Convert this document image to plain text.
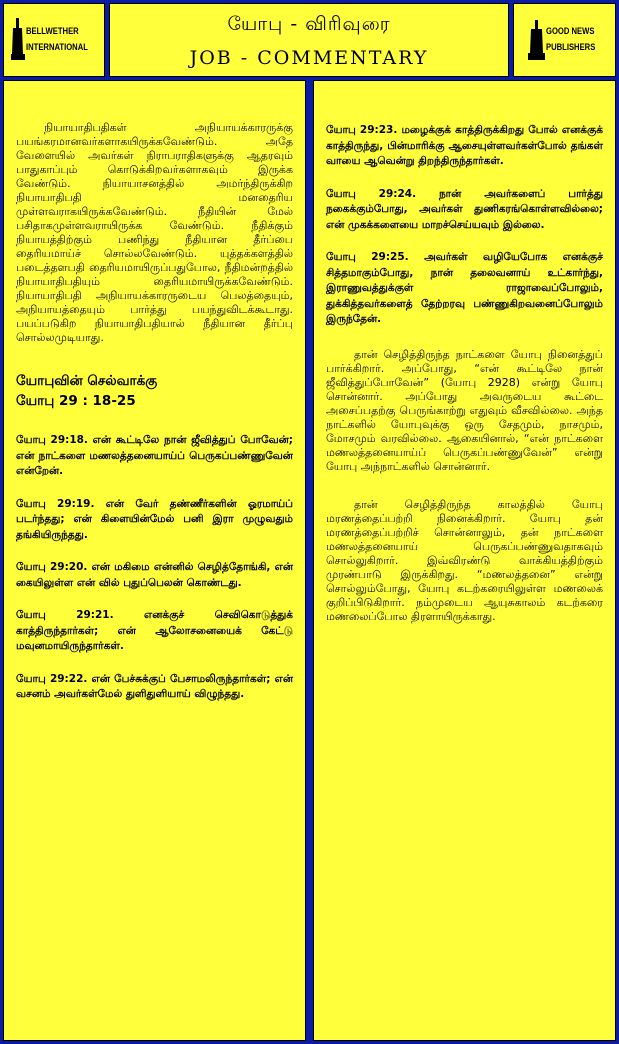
BELLWETHER
INTERNATIONAL
யோபு - விரிவுரை
JOB - COMMENTARY
GOOD NEWS
PUBLISHERS

நியாயாதிபதிகள் அநியாயக்காரருக்கு பயங்கரமானவர்களாகயிருக்கவேண்டும். அதே வேளையில் அவர்கள் நிராபராதிகளுக்கு ஆதரவும் பாதுகாப்பும் கொடுக்கிறவர்களாகவும் இருக்க வேண்டும். நியாயாசனத்தில் அமர்ந்திருக்கிற நியாயாதிபதி மனதைரிய முள்ளவராகயிருக்கவேண்டும். நீதியின் மேல் பசிதாகமுள்ளவராயிருக்க வேண்டும். நீதிக்கும் நியாயத்திற்கும் பணிந்து நீதியான தீர்ப்பை தைரியமாய்ச் சொல்லவேண்டும். யுத்தக்களத்தில் படைத்தளபதி தைரியமாயிருப்பதுபோல, நீதிமன்றத்தில் நியாயாதிபதியும் தைரியமாயிருக்கவேண்டும். நியாயாதிபதி அநியாயக்காரருடைய பெலத்தையும், அநியாயத்தையும் பார்த்து பயந்துவிடக்கூடாது. பயப்படுகிற நியாயாதிபதியால் நீதியான தீர்ப்பு சொல்லமுடியாது.

யோபுவின் செல்வாக்கு

யோபு 29 : 18-25

யோபு 29:18. என் கூட்டிலே நான் ஜீவித்துப் போவேன்; என் நாட்களை மணலத்தனையாய்ப் பெருகப்பண்ணுவேன் என்றேன்.

யோபு 29:19. என் வேர் தண்ணீர்களின் ஓரமாய்ப் படர்ந்தது; என் கிளையின்மேல் பனி இரா முழுவதும் தங்கியிருந்தது.

யோபு 29:20. என் மகிமை என்னில் செழித்தோங்கி, என் கையிலுள்ள என் வில் புதுப்பெலன் கொண்டது.

யோபு 29:21. எனக்குச் செவிகொடுத்துக் காத்திருந்தார்கள்; என் ஆலோசனையைக் கேட்டு மவுனமாயிருந்தார்கள்.

யோபு 29:22. என் பேச்சுக்குப் பேசாமலிருந்தார்கள்; என் வசனம் அவர்கள்மேல் துளிதுளியாய் விழுந்தது.

யோபு 29:23. மழைக்குக் காத்திருக்கிறது போல் எனக்குக் காத்திருந்து, பின்மாரிக்கு ஆசையுள்ளவர்கள்போல் தங்கள் வாயை ஆவென்று திறந்திருந்தார்கள்.

யோபு 29:24. நான் அவர்களைப் பார்த்து நகைக்கும்போது, அவர்கள் துணிகரங்கொள்ளவில்லை; என் முகக்களையை மாறச்செய்யவும் இல்லை.

யோபு 29:25. அவர்கள் வழியேபோக எனக்குச் சித்தமாகும்போது, நான் தலைவனாய் உட்கார்ந்து, இராணுவத்துக்குள் ராஜாவைப்போலும், துக்கித்தவர்களைத் தேற்றரவு பண்ணுகிறவனைப்போலும் இருந்தேன்.

தான் செழித்திருந்த நாட்களை யோபு நினைத்துப் பார்க்கிறார். அப்போது, “என் கூட்டிலே நான் ஜீவித்துப்போவேன்” (யோபு 2928) என்று யோபு சொன்னார். அப்போது அவருடைய கூட்டை அசைப்பதற்கு பெருங்காற்று எதுவும் வீசவில்லை. அந்த நாட்களில் யோபுவுக்கு ஒரு சேதமும், நாசமும், மோசமும் வரவில்லை. ஆகையினால், “என் நாட்களை மணலத்தனையாய்ப் பெருகப்பண்ணுவேன்” என்று யோபு அந்நாட்களில் சொன்னார்.

தான் செழித்திருந்த காலத்தில் யோபு மரணத்தைப்பற்றி நினைக்கிறார். யோபு தன் மரணத்தைப்பற்றிச் சொன்னாலும், தன் நாட்களை மணலத்தனையாய் பெருகப்பண்ணுவதாகவும் சொல்லுகிறார். இவ்விரண்டு வாக்கியத்திற்கும் முரண்பாடு இருக்கிறது. “மணலத்தனை” என்று சொல்லும்போது, யோபு கடற்கரையிலுள்ள மணலைக் குறிப்பிடுகிறார். நம்முடைய ஆயுசுகாலம் கடற்கரை மணலைப்போல திரளாயிருக்காது.
